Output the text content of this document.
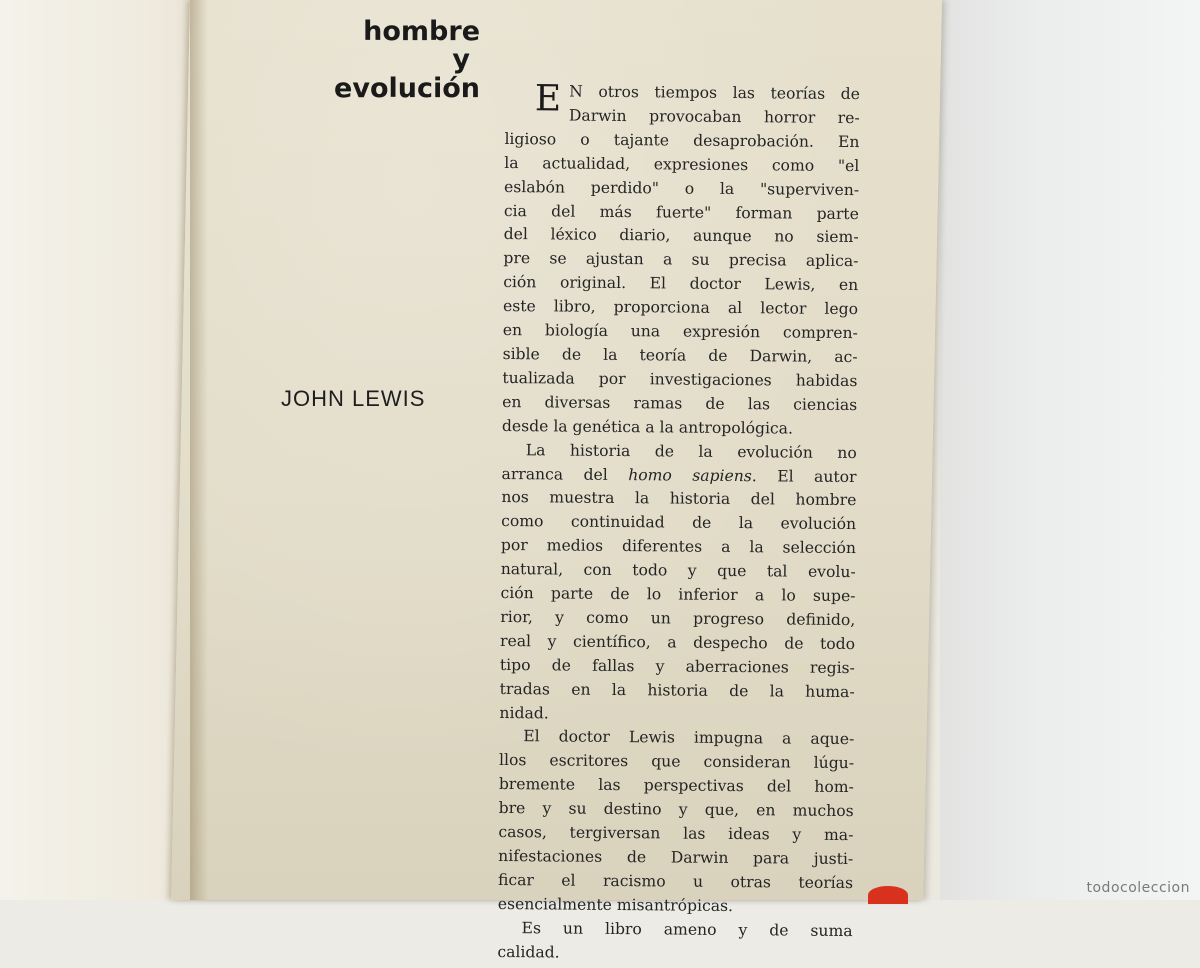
hombre
y
evolución
JOHN LEWIS

E N otros tiempos las teorías de
Darwin provocaban horror re-
ligioso o tajante desaprobación. En
la actualidad, expresiones como "el
eslabón perdido" o la "superviven-
cia del más fuerte" forman parte
del léxico diario, aunque no siem-
pre se ajustan a su precisa aplica-
ción original. El doctor Lewis, en
este libro, proporciona al lector lego
en biología una expresión compren-
sible de la teoría de Darwin, ac-
tualizada por investigaciones habidas
en diversas ramas de las ciencias
desde la genética a la antropológica.

La historia de la evolución no
arranca del homo sapiens. El autor
nos muestra la historia del hombre
como continuidad de la evolución
por medios diferentes a la selección
natural, con todo y que tal evolu-
ción parte de lo inferior a lo supe-
rior, y como un progreso definido,
real y científico, a despecho de todo
tipo de fallas y aberraciones regis-
tradas en la historia de la huma-
nidad.

El doctor Lewis impugna a aque-
llos escritores que consideran lúgu-
bremente las perspectivas del hom-
bre y su destino y que, en muchos
casos, tergiversan las ideas y ma-
nifestaciones de Darwin para justi-
ficar el racismo u otras teorías
esencialmente misantrópicas.

Es un libro ameno y de suma
calidad.

todocoleccion
